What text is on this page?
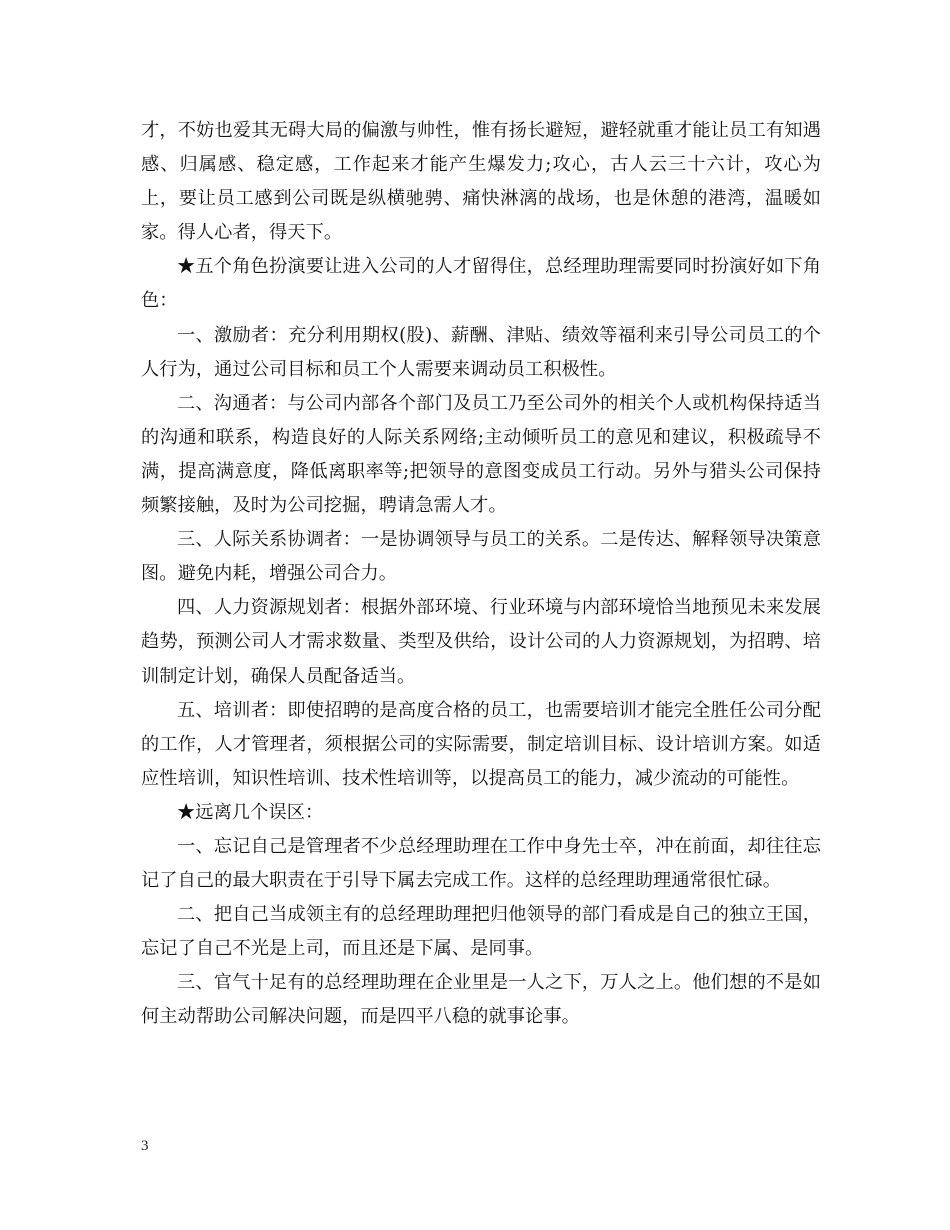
才，不妨也爱其无碍大局的偏激与帅性，惟有扬长避短，避轻就重才能让员工有知遇感、归属感、稳定感，工作起来才能产生爆发力;攻心，古人云三十六计，攻心为上，要让员工感到公司既是纵横驰骋、痛快淋漓的战场，也是休憩的港湾，温暖如家。得人心者，得天下。

★五个角色扮演要让进入公司的人才留得住，总经理助理需要同时扮演好如下角色：

一、激励者：充分利用期权(股)、薪酬、津贴、绩效等福利来引导公司员工的个人行为，通过公司目标和员工个人需要来调动员工积极性。

二、沟通者：与公司内部各个部门及员工乃至公司外的相关个人或机构保持适当的沟通和联系，构造良好的人际关系网络;主动倾听员工的意见和建议，积极疏导不满，提高满意度，降低离职率等;把领导的意图变成员工行动。另外与猎头公司保持频繁接触，及时为公司挖掘，聘请急需人才。

三、人际关系协调者：一是协调领导与员工的关系。二是传达、解释领导决策意图。避免内耗，增强公司合力。

四、人力资源规划者：根据外部环境、行业环境与内部环境恰当地预见未来发展趋势，预测公司人才需求数量、类型及供给，设计公司的人力资源规划，为招聘、培训制定计划，确保人员配备适当。

五、培训者：即使招聘的是高度合格的员工，也需要培训才能完全胜任公司分配的工作，人才管理者，须根据公司的实际需要，制定培训目标、设计培训方案。如适应性培训，知识性培训、技术性培训等，以提高员工的能力，减少流动的可能性。

★远离几个误区：

一、忘记自己是管理者不少总经理助理在工作中身先士卒，冲在前面，却往往忘记了自己的最大职责在于引导下属去完成工作。这样的总经理助理通常很忙碌。

二、把自己当成领主有的总经理助理把归他领导的部门看成是自己的独立王国，忘记了自己不光是上司，而且还是下属、是同事。

三、官气十足有的总经理助理在企业里是一人之下，万人之上。他们想的不是如何主动帮助公司解决问题，而是四平八稳的就事论事。

3
